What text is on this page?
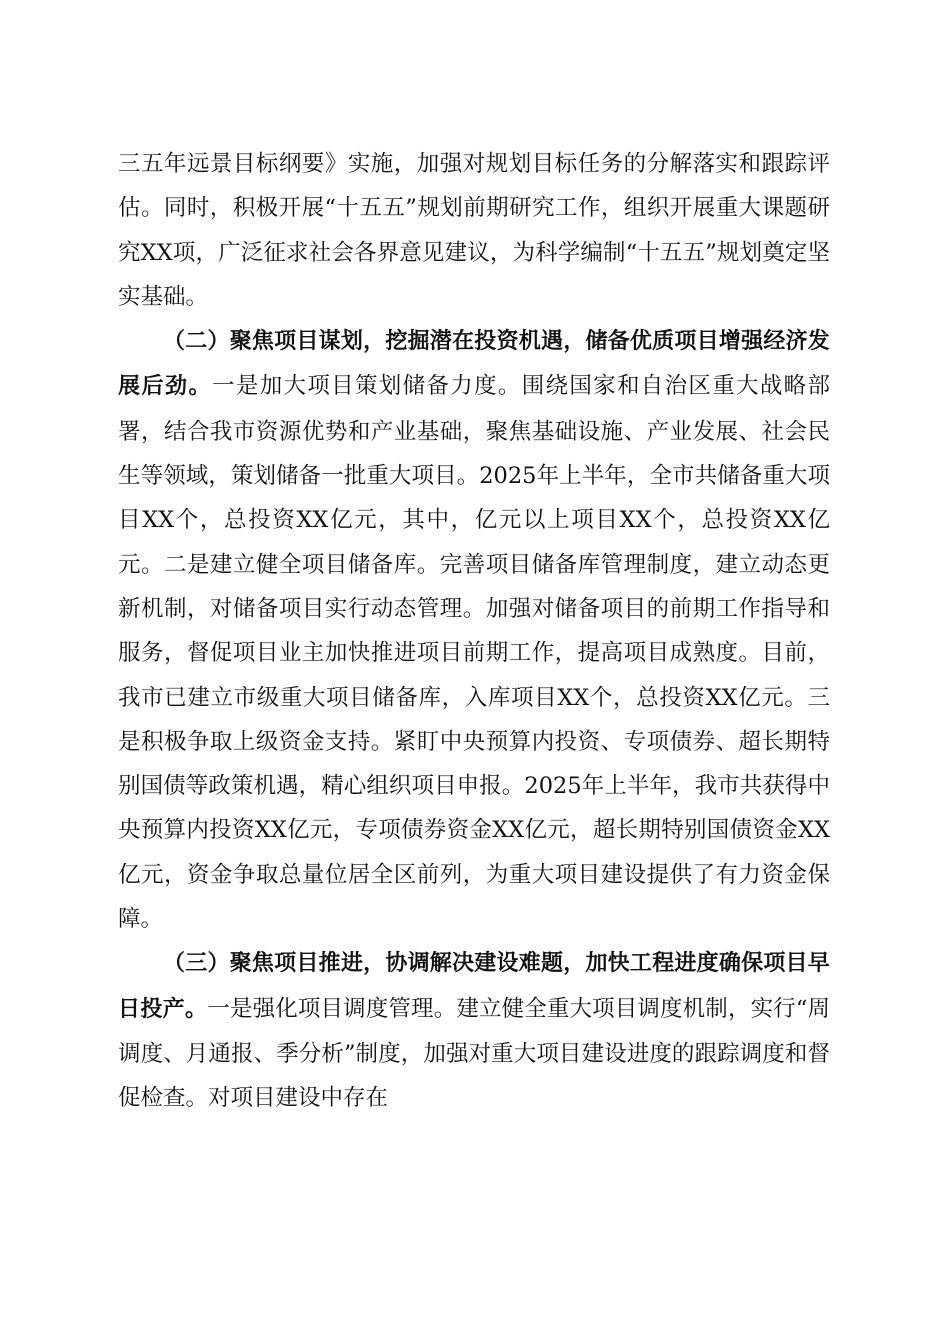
三五年远景目标纲要》实施，加强对规划目标任务的分解落实和跟踪评估。同时，积极开展“十五五”规划前期研究工作，组织开展重大课题研究XX项，广泛征求社会各界意见建议，为科学编制“十五五”规划奠定坚实基础。

（二）聚焦项目谋划，挖掘潜在投资机遇，储备优质项目增强经济发展后劲。一是加大项目策划储备力度。围绕国家和自治区重大战略部署，结合我市资源优势和产业基础，聚焦基础设施、产业发展、社会民生等领域，策划储备一批重大项目。2025年上半年，全市共储备重大项目XX个，总投资XX亿元，其中，亿元以上项目XX个，总投资XX亿元。二是建立健全项目储备库。完善项目储备库管理制度，建立动态更新机制，对储备项目实行动态管理。加强对储备项目的前期工作指导和服务，督促项目业主加快推进项目前期工作，提高项目成熟度。目前，我市已建立市级重大项目储备库，入库项目XX个，总投资XX亿元。三是积极争取上级资金支持。紧盯中央预算内投资、专项债券、超长期特别国债等政策机遇，精心组织项目申报。2025年上半年，我市共获得中央预算内投资XX亿元，专项债券资金XX亿元，超长期特别国债资金XX亿元，资金争取总量位居全区前列，为重大项目建设提供了有力资金保障。

（三）聚焦项目推进，协调解决建设难题，加快工程进度确保项目早日投产。一是强化项目调度管理。建立健全重大项目调度机制，实行“周调度、月通报、季分析”制度，加强对重大项目建设进度的跟踪调度和督促检查。对项目建设中存在
